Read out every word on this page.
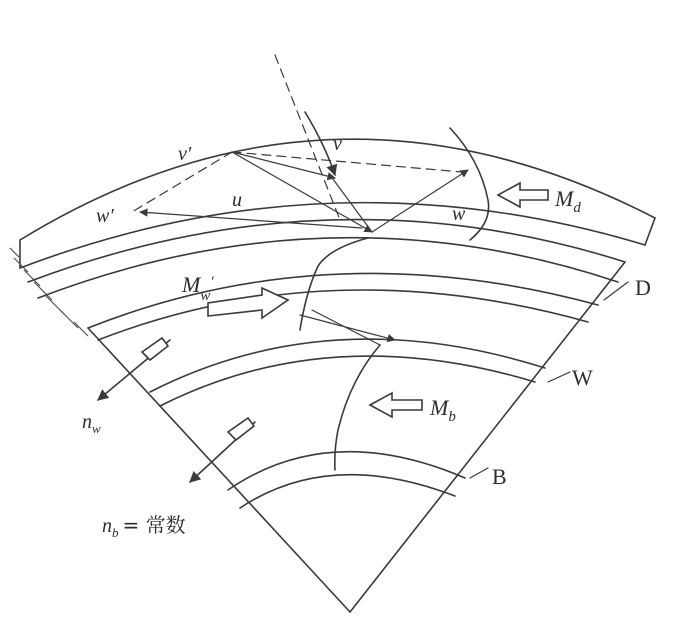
v′	v
w′
u
w
$M_d$
$M_w'$
$M_b$
D
W
B
$n_w$
$n_b$ = 常数
